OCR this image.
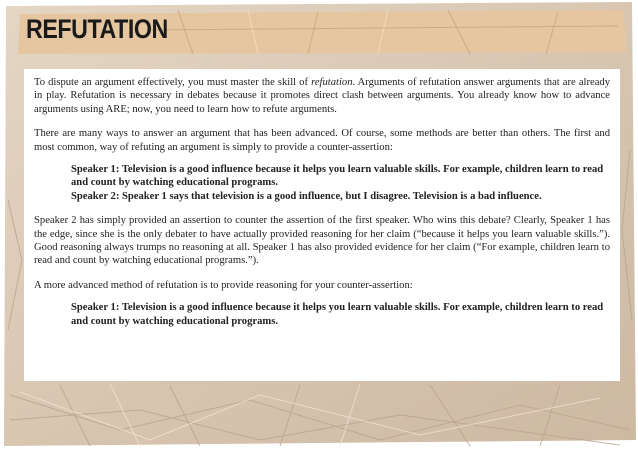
REFUTATION

To dispute an argument effectively, you must master the skill of refutation. Arguments of refutation answer arguments that are already in play. Refutation is necessary in debates because it promotes direct clash between arguments. You already know how to advance arguments using ARE; now, you need to learn how to refute arguments.

There are many ways to answer an argument that has been advanced. Of course, some methods are better than others. The first and most common, way of refuting an argument is simply to provide a counter-assertion:

Speaker 1: Television is a good influence because it helps you learn valuable skills. For example, children learn to read and count by watching educational programs.

Speaker 2: Speaker 1 says that television is a good influence, but I disagree. Television is a bad influence.

Speaker 2 has simply provided an assertion to counter the assertion of the first speaker. Who wins this debate? Clearly, Speaker 1 has the edge, since she is the only debater to have actually provided reasoning for her claim (“because it helps you learn valuable skills.”). Good reasoning always trumps no reasoning at all. Speaker 1 has also provided evidence for her claim (“For example, children learn to read and count by watching educational programs.”).

A more advanced method of refutation is to provide reasoning for your counter-assertion:

Speaker 1: Television is a good influence because it helps you learn valuable skills. For example, children learn to read and count by watching educational programs.
